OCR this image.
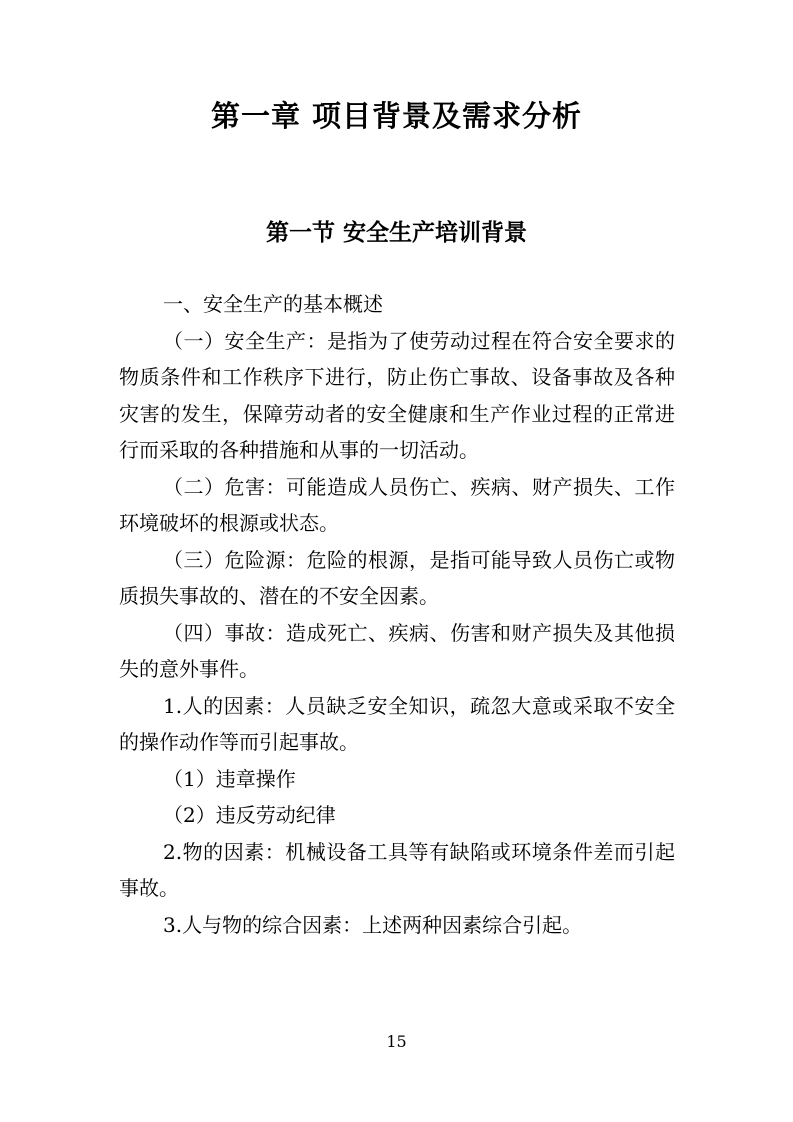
第一章 项目背景及需求分析
第一节 安全生产培训背景

一、安全生产的基本概述

（一）安全生产：是指为了使劳动过程在符合安全要求的物质条件和工作秩序下进行，防止伤亡事故、设备事故及各种灾害的发生，保障劳动者的安全健康和生产作业过程的正常进行而采取的各种措施和从事的一切活动。

（二）危害：可能造成人员伤亡、疾病、财产损失、工作环境破坏的根源或状态。

（三）危险源：危险的根源，是指可能导致人员伤亡或物质损失事故的、潜在的不安全因素。

（四）事故：造成死亡、疾病、伤害和财产损失及其他损失的意外事件。

1.人的因素：人员缺乏安全知识，疏忽大意或采取不安全的操作动作等而引起事故。

（1）违章操作

（2）违反劳动纪律

2.物的因素：机械设备工具等有缺陷或环境条件差而引起事故。

3.人与物的综合因素：上述两种因素综合引起。

15
